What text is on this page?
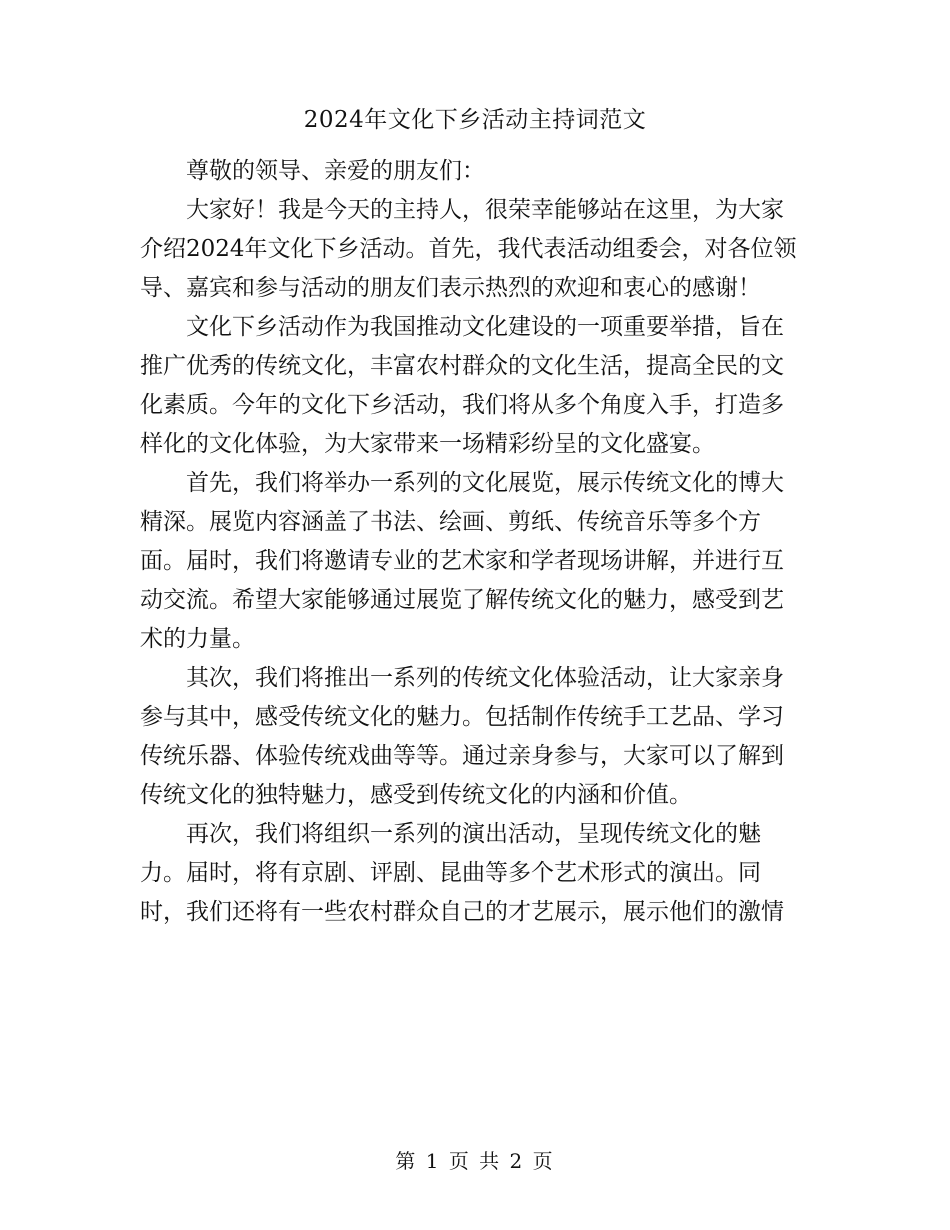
2024年文化下乡活动主持词范文

尊敬的领导、亲爱的朋友们：

大家好！我是今天的主持人，很荣幸能够站在这里，为大家
介绍2024年文化下乡活动。首先，我代表活动组委会，对各位领
导、嘉宾和参与活动的朋友们表示热烈的欢迎和衷心的感谢！

文化下乡活动作为我国推动文化建设的一项重要举措，旨在
推广优秀的传统文化，丰富农村群众的文化生活，提高全民的文
化素质。今年的文化下乡活动，我们将从多个角度入手，打造多
样化的文化体验，为大家带来一场精彩纷呈的文化盛宴。

首先，我们将举办一系列的文化展览，展示传统文化的博大
精深。展览内容涵盖了书法、绘画、剪纸、传统音乐等多个方
面。届时，我们将邀请专业的艺术家和学者现场讲解，并进行互
动交流。希望大家能够通过展览了解传统文化的魅力，感受到艺
术的力量。

其次，我们将推出一系列的传统文化体验活动，让大家亲身
参与其中，感受传统文化的魅力。包括制作传统手工艺品、学习
传统乐器、体验传统戏曲等等。通过亲身参与，大家可以了解到
传统文化的独特魅力，感受到传统文化的内涵和价值。

再次，我们将组织一系列的演出活动，呈现传统文化的魅
力。届时，将有京剧、评剧、昆曲等多个艺术形式的演出。同
时，我们还将有一些农村群众自己的才艺展示，展示他们的激情

第 1 页 共 2 页
